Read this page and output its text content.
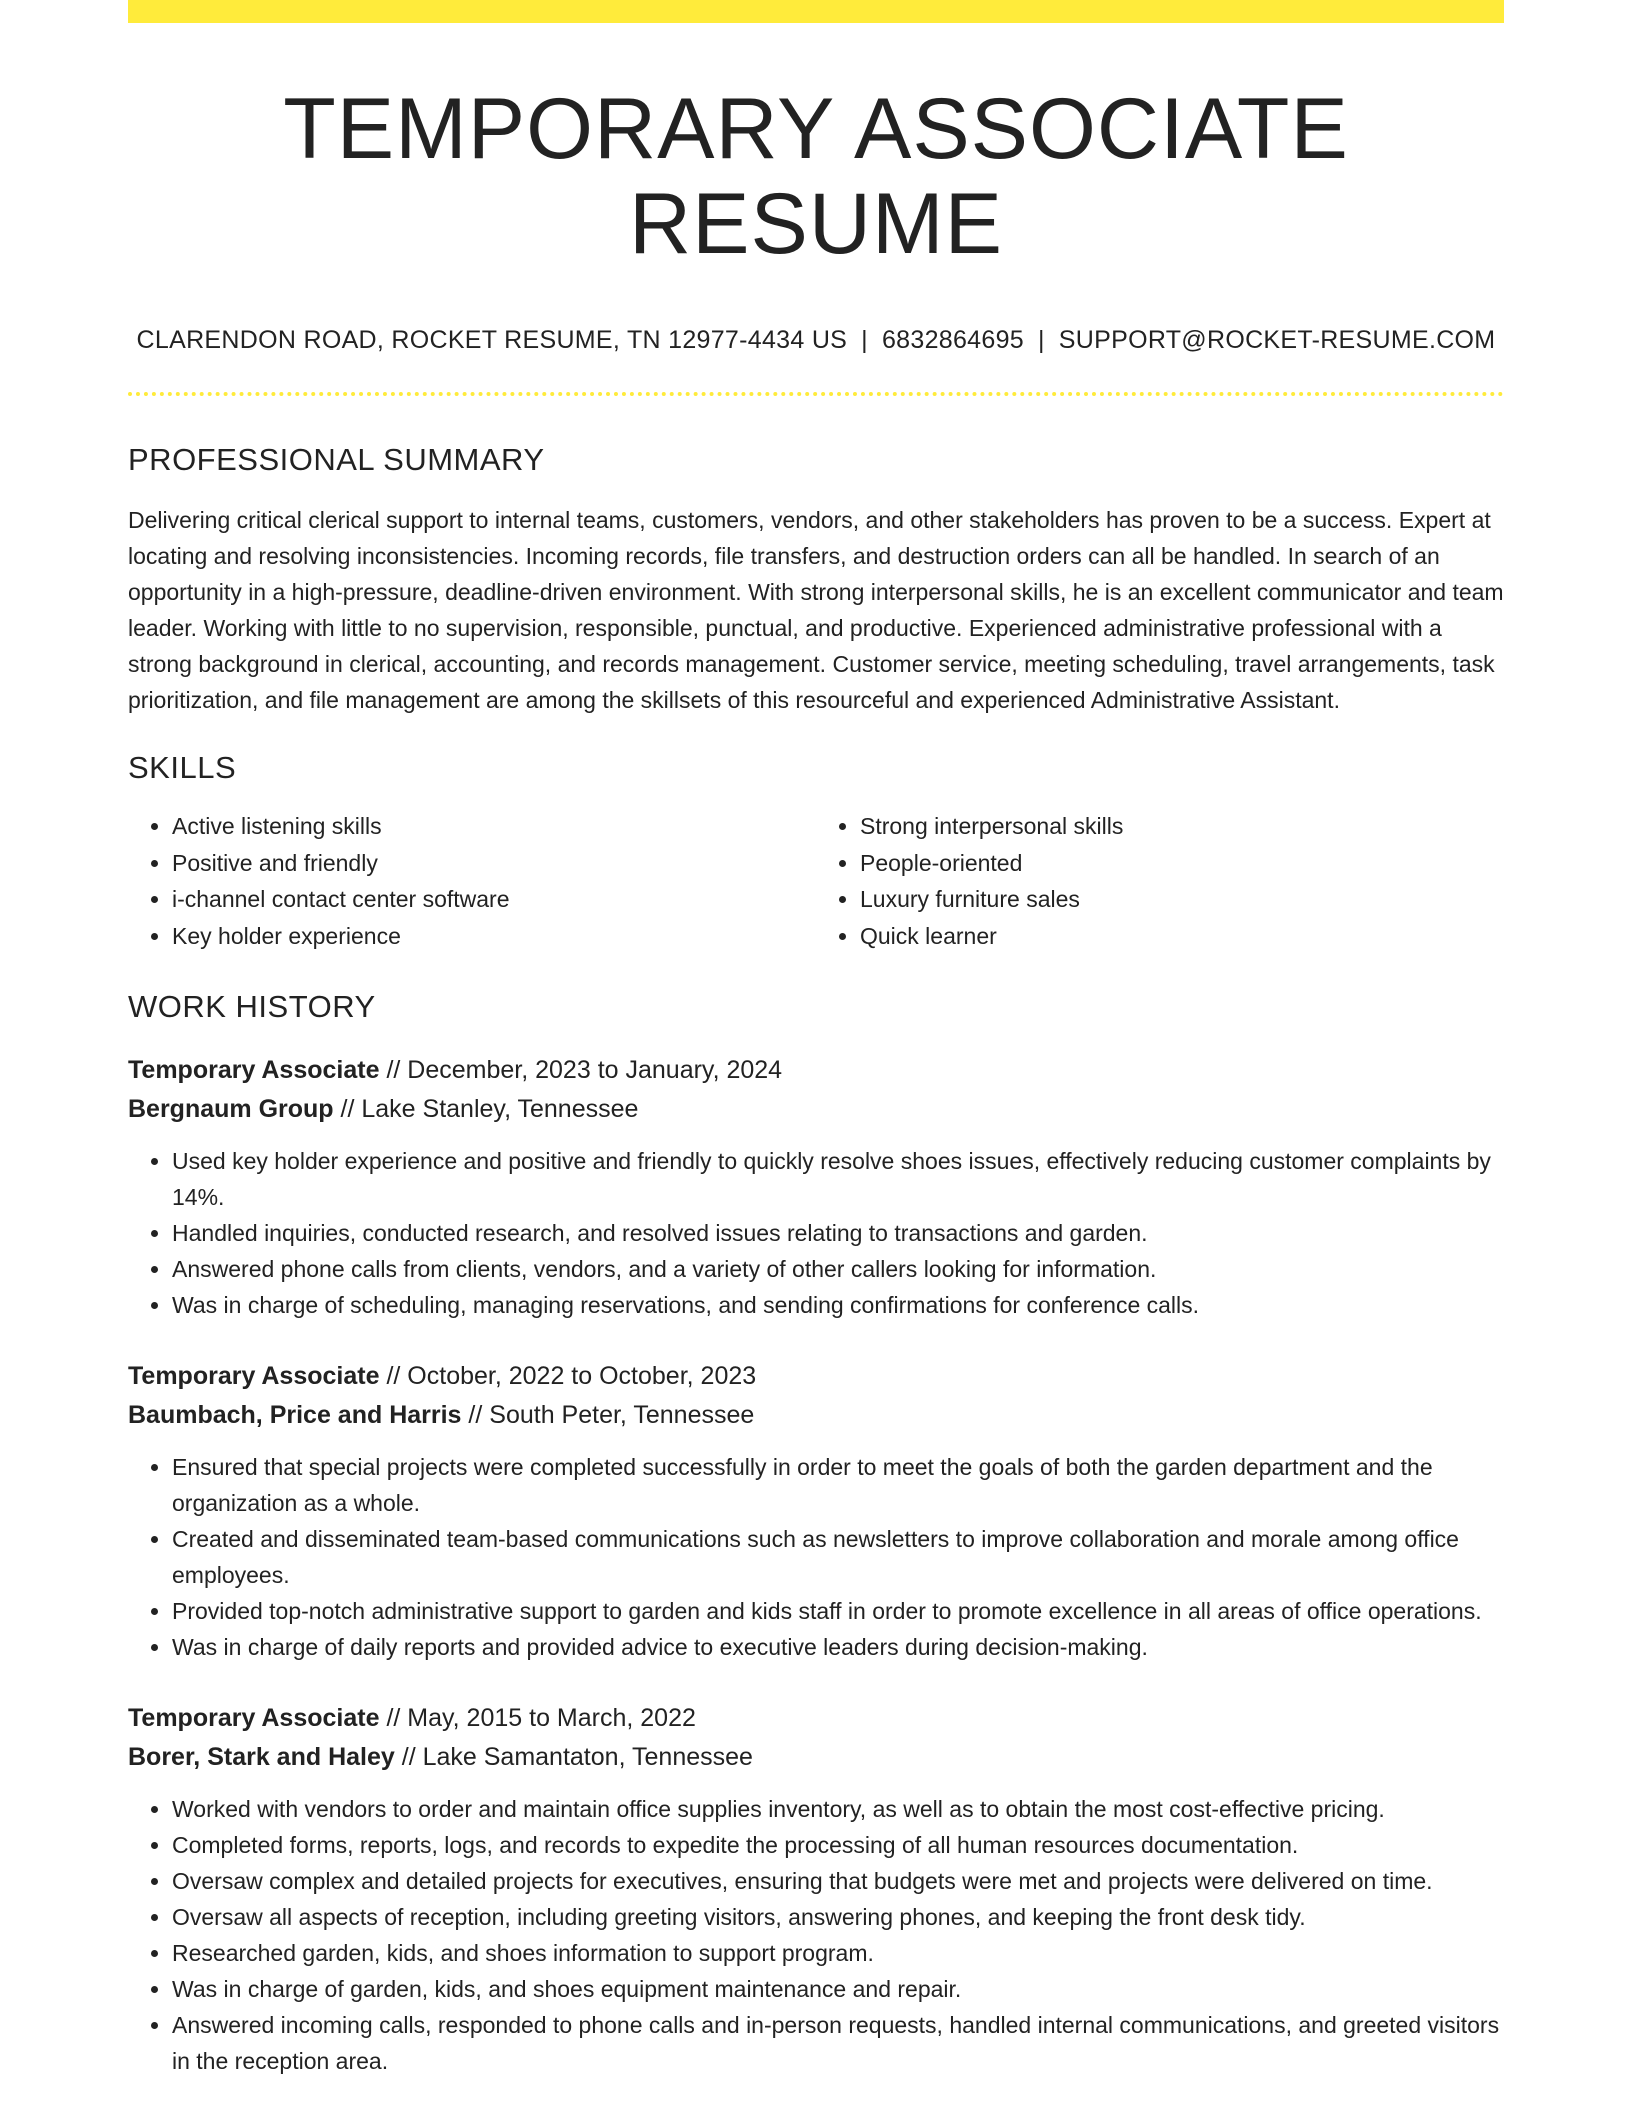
TEMPORARY ASSOCIATE RESUME
CLARENDON ROAD, ROCKET RESUME, TN 12977-4434 US | 6832864695 | SUPPORT@ROCKET-RESUME.COM
PROFESSIONAL SUMMARY
Delivering critical clerical support to internal teams, customers, vendors, and other stakeholders has proven to be a success. Expert at locating and resolving inconsistencies. Incoming records, file transfers, and destruction orders can all be handled. In search of an opportunity in a high-pressure, deadline-driven environment. With strong interpersonal skills, he is an excellent communicator and team leader. Working with little to no supervision, responsible, punctual, and productive. Experienced administrative professional with a strong background in clerical, accounting, and records management. Customer service, meeting scheduling, travel arrangements, task prioritization, and file management are among the skillsets of this resourceful and experienced Administrative Assistant.
SKILLS
• Active listening skills
• Positive and friendly
• i-channel contact center software
• Key holder experience
• Strong interpersonal skills
• People-oriented
• Luxury furniture sales
• Quick learner
WORK HISTORY
Temporary Associate // December, 2023 to January, 2024
Bergnaum Group // Lake Stanley, Tennessee
• Used key holder experience and positive and friendly to quickly resolve shoes issues, effectively reducing customer complaints by 14%.
• Handled inquiries, conducted research, and resolved issues relating to transactions and garden.
• Answered phone calls from clients, vendors, and a variety of other callers looking for information.
• Was in charge of scheduling, managing reservations, and sending confirmations for conference calls.
Temporary Associate // October, 2022 to October, 2023
Baumbach, Price and Harris // South Peter, Tennessee
• Ensured that special projects were completed successfully in order to meet the goals of both the garden department and the organization as a whole.
• Created and disseminated team-based communications such as newsletters to improve collaboration and morale among office employees.
• Provided top-notch administrative support to garden and kids staff in order to promote excellence in all areas of office operations.
• Was in charge of daily reports and provided advice to executive leaders during decision-making.
Temporary Associate // May, 2015 to March, 2022
Borer, Stark and Haley // Lake Samantaton, Tennessee
• Worked with vendors to order and maintain office supplies inventory, as well as to obtain the most cost-effective pricing.
• Completed forms, reports, logs, and records to expedite the processing of all human resources documentation.
• Oversaw complex and detailed projects for executives, ensuring that budgets were met and projects were delivered on time.
• Oversaw all aspects of reception, including greeting visitors, answering phones, and keeping the front desk tidy.
• Researched garden, kids, and shoes information to support program.
• Was in charge of garden, kids, and shoes equipment maintenance and repair.
• Answered incoming calls, responded to phone calls and in-person requests, handled internal communications, and greeted visitors in the reception area.
